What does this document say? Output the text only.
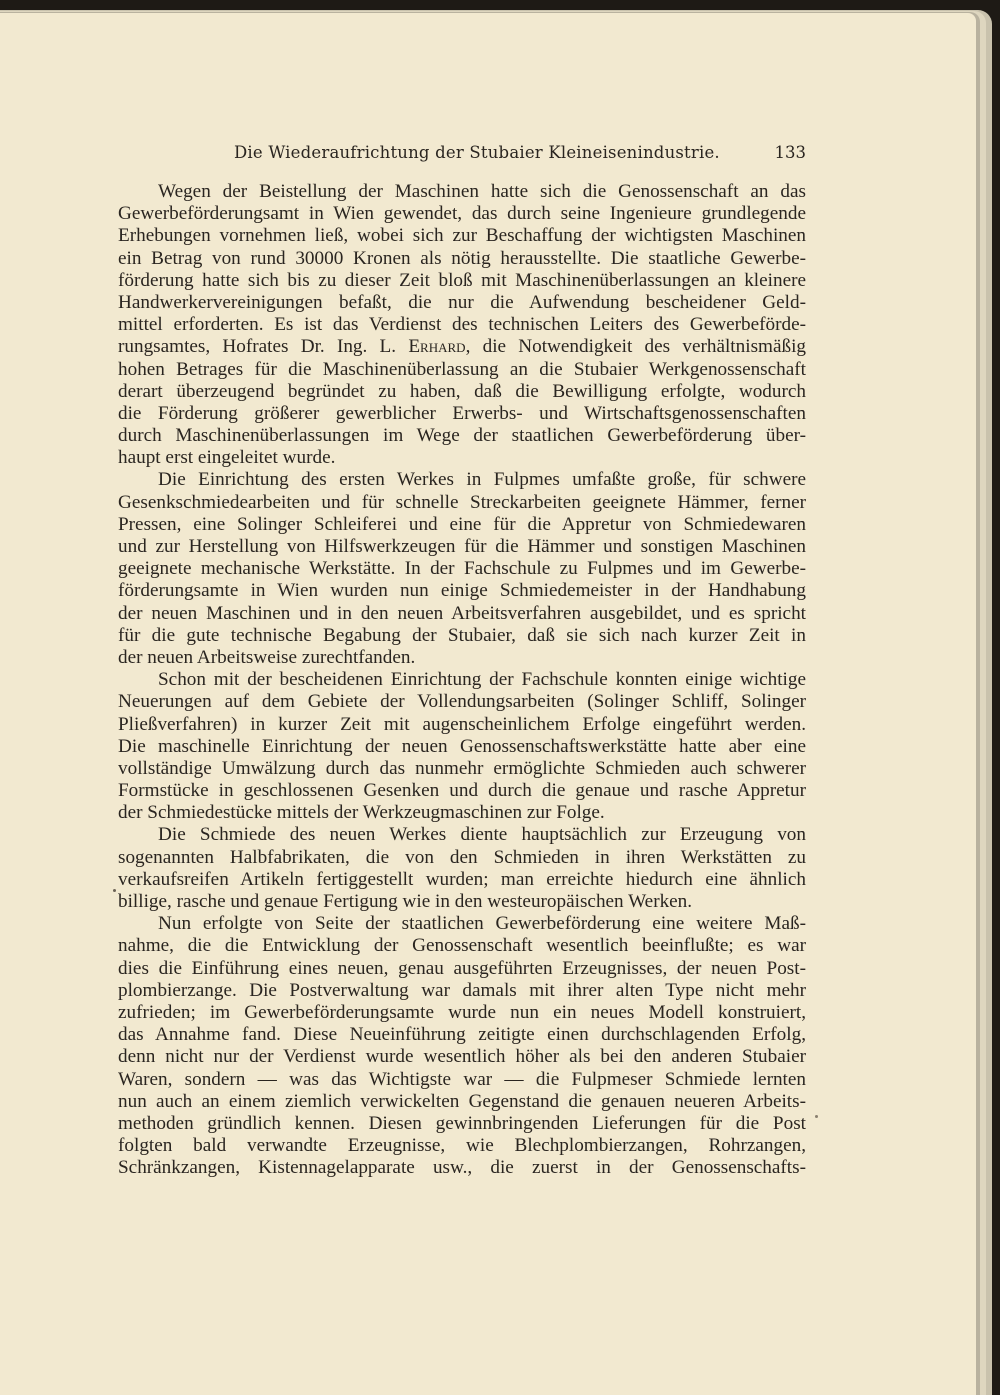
Die Wiederaufrichtung der Stubaier Kleineisenindustrie.	133
Wegen der Beistellung der Maschinen hatte sich die Genossenschaft an das
Gewerbeförderungsamt in Wien gewendet, das durch seine Ingenieure grundlegende
Erhebungen vornehmen ließ, wobei sich zur Beschaffung der wichtigsten Maschinen
ein Betrag von rund 30000 Kronen als nötig herausstellte. Die staatliche Gewerbe-
förderung hatte sich bis zu dieser Zeit bloß mit Maschinenüberlassungen an kleinere
Handwerkervereinigungen befaßt, die nur die Aufwendung bescheidener Geld-
mittel erforderten. Es ist das Verdienst des technischen Leiters des Gewerbeförde-
rungsamtes, Hofrates Dr. Ing. L. Erhard, die Notwendigkeit des verhältnismäßig
hohen Betrages für die Maschinenüberlassung an die Stubaier Werkgenossenschaft
derart überzeugend begründet zu haben, daß die Bewilligung erfolgte, wodurch
die Förderung größerer gewerblicher Erwerbs- und Wirtschaftsgenossenschaften
durch Maschinenüberlassungen im Wege der staatlichen Gewerbeförderung über-
haupt erst eingeleitet wurde.
Die Einrichtung des ersten Werkes in Fulpmes umfaßte große, für schwere
Gesenkschmiedearbeiten und für schnelle Streckarbeiten geeignete Hämmer, ferner
Pressen, eine Solinger Schleiferei und eine für die Appretur von Schmiedewaren
und zur Herstellung von Hilfswerkzeugen für die Hämmer und sonstigen Maschinen
geeignete mechanische Werkstätte. In der Fachschule zu Fulpmes und im Gewerbe-
förderungsamte in Wien wurden nun einige Schmiedemeister in der Handhabung
der neuen Maschinen und in den neuen Arbeitsverfahren ausgebildet, und es spricht
für die gute technische Begabung der Stubaier, daß sie sich nach kurzer Zeit in
der neuen Arbeitsweise zurechtfanden.
Schon mit der bescheidenen Einrichtung der Fachschule konnten einige wichtige
Neuerungen auf dem Gebiete der Vollendungsarbeiten (Solinger Schliff, Solinger
Pließverfahren) in kurzer Zeit mit augenscheinlichem Erfolge eingeführt werden.
Die maschinelle Einrichtung der neuen Genossenschaftswerkstätte hatte aber eine
vollständige Umwälzung durch das nunmehr ermöglichte Schmieden auch schwerer
Formstücke in geschlossenen Gesenken und durch die genaue und rasche Appretur
der Schmiedestücke mittels der Werkzeugmaschinen zur Folge.
Die Schmiede des neuen Werkes diente hauptsächlich zur Erzeugung von
sogenannten Halbfabrikaten, die von den Schmieden in ihren Werkstätten zu
verkaufsreifen Artikeln fertiggestellt wurden; man erreichte hiedurch eine ähnlich
billige, rasche und genaue Fertigung wie in den westeuropäischen Werken.
Nun erfolgte von Seite der staatlichen Gewerbeförderung eine weitere Maß-
nahme, die die Entwicklung der Genossenschaft wesentlich beeinflußte; es war
dies die Einführung eines neuen, genau ausgeführten Erzeugnisses, der neuen Post-
plombierzange. Die Postverwaltung war damals mit ihrer alten Type nicht mehr
zufrieden; im Gewerbeförderungsamte wurde nun ein neues Modell konstruiert,
das Annahme fand. Diese Neueinführung zeitigte einen durchschlagenden Erfolg,
denn nicht nur der Verdienst wurde wesentlich höher als bei den anderen Stubaier
Waren, sondern — was das Wichtigste war — die Fulpmeser Schmiede lernten
nun auch an einem ziemlich verwickelten Gegenstand die genauen neueren Arbeits-
methoden gründlich kennen. Diesen gewinnbringenden Lieferungen für die Post
folgten bald verwandte Erzeugnisse, wie Blechplombierzangen, Rohrzangen,
Schränkzangen, Kistennagelapparate usw., die zuerst in der Genossenschafts-
